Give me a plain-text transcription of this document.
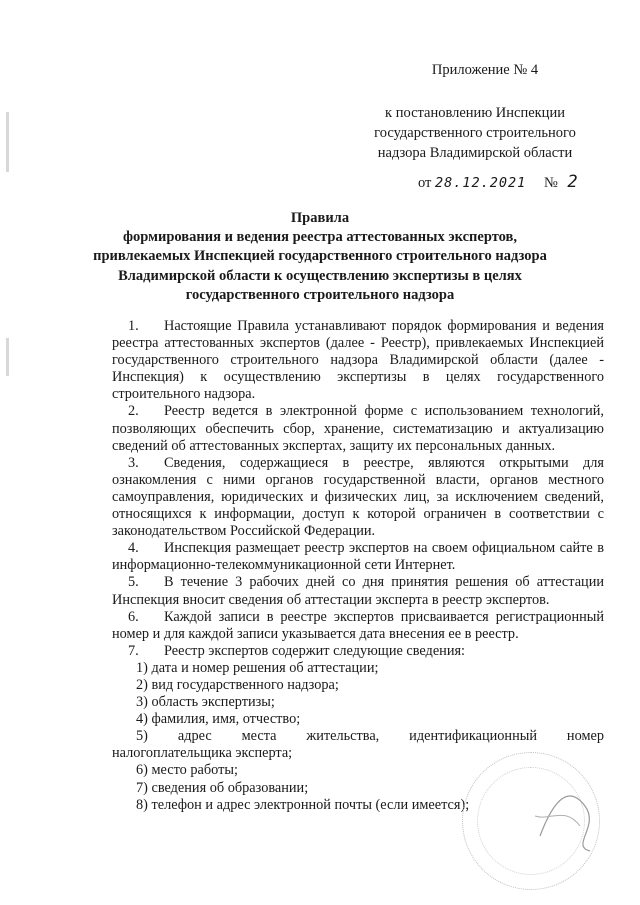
Приложение № 4
к постановлению Инспекции
государственного строительного
надзора Владимирской области
от 28.12.2021 № 2
Правила
формирования и ведения реестра аттестованных экспертов, привлекаемых Инспекцией государственного строительного надзора Владимирской области к осуществлению экспертизы в целях государственного строительного надзора

1. Настоящие Правила устанавливают порядок формирования и ведения реестра аттестованных экспертов (далее - Реестр), привлекаемых Инспекцией государственного строительного надзора Владимирской области (далее - Инспекция) к осуществлению экспертизы в целях государственного строительного надзора.

2. Реестр ведется в электронной форме с использованием технологий, позволяющих обеспечить сбор, хранение, систематизацию и актуализацию сведений об аттестованных экспертах, защиту их персональных данных.

3. Сведения, содержащиеся в реестре, являются открытыми для ознакомления с ними органов государственной власти, органов местного самоуправления, юридических и физических лиц, за исключением сведений, относящихся к информации, доступ к которой ограничен в соответствии с законодательством Российской Федерации.

4. Инспекция размещает реестр экспертов на своем официальном сайте в информационно-телекоммуникационной сети Интернет.

5. В течение 3 рабочих дней со дня принятия решения об аттестации Инспекция вносит сведения об аттестации эксперта в реестр экспертов.

6. Каждой записи в реестре экспертов присваивается регистрационный номер и для каждой записи указывается дата внесения ее в реестр.

7. Реестр экспертов содержит следующие сведения:

1) дата и номер решения об аттестации;
2) вид государственного надзора;
3) область экспертизы;
4) фамилия, имя, отчество;
5) адрес места жительства, идентификационный номер
налогоплательщика эксперта;
6) место работы;
7) сведения об образовании;
8) телефон и адрес электронной почты (если имеется);
